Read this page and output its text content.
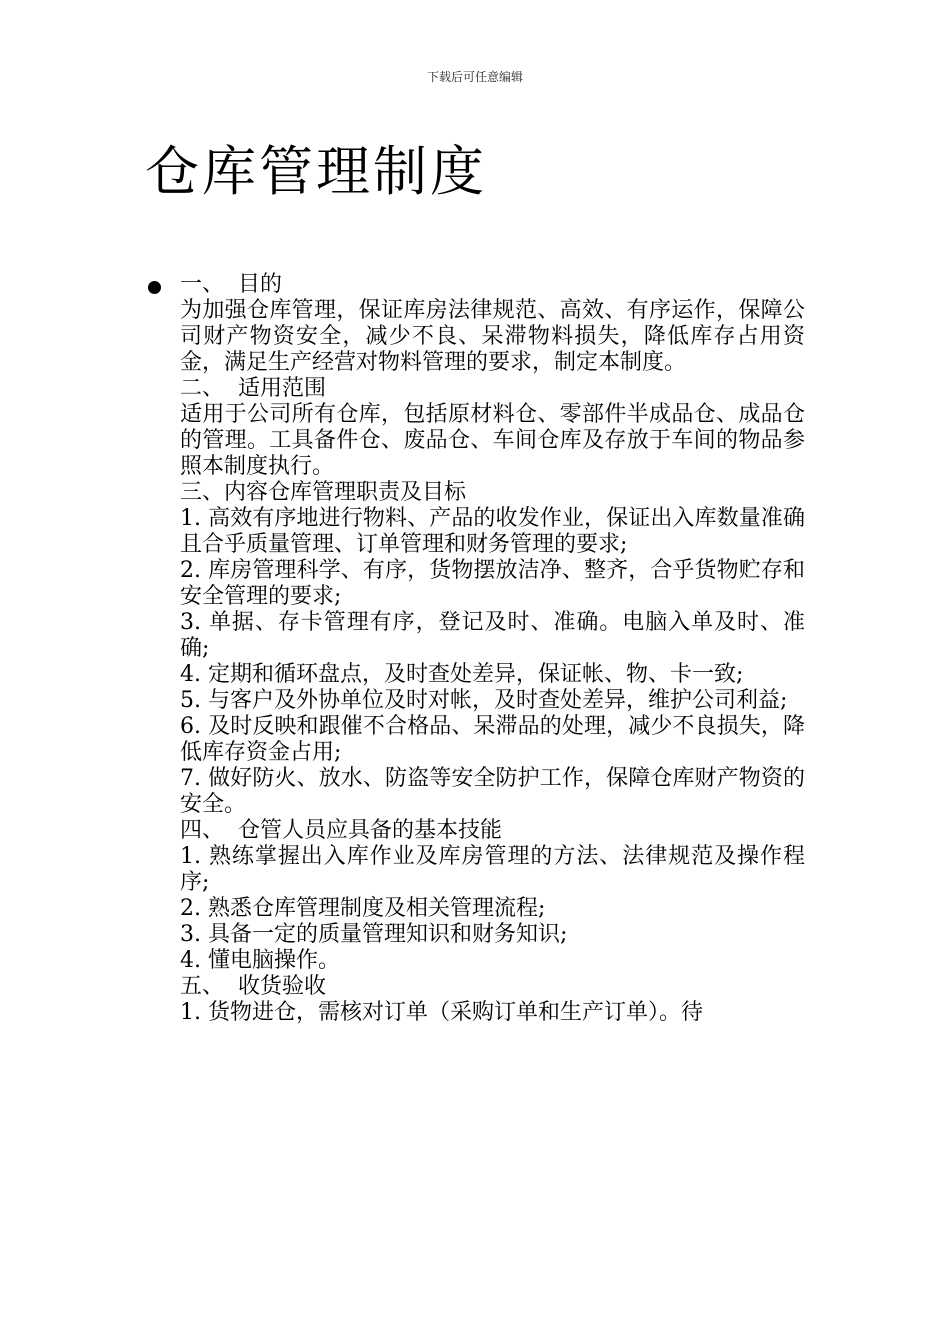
下载后可任意编辑
仓库管理制度
一、  目的

为加强仓库管理，保证库房法律规范、高效、有序运作，保障公司财产物资安全，减少不良、呆滞物料损失，降低库存占用资金，满足生产经营对物料管理的要求，制定本制度。

二、  适用范围

适用于公司所有仓库，包括原材料仓、零部件半成品仓、成品仓的管理。工具备件仓、废品仓、车间仓库及存放于车间的物品参照本制度执行。

三、内容仓库管理职责及目标
1. 高效有序地进行物料、产品的收发作业，保证出入库数量准确且合乎质量管理、订单管理和财务管理的要求;
2. 库房管理科学、有序，货物摆放洁净、整齐，合乎货物贮存和安全管理的要求;
3. 单据、存卡管理有序，登记及时、准确。电脑入单及时、准确;
4. 定期和循环盘点，及时查处差异，保证帐、物、卡一致;
5. 与客户及外协单位及时对帐，及时查处差异，维护公司利益;
6. 及时反映和跟催不合格品、呆滞品的处理，减少不良损失，降低库存资金占用;
7. 做好防火、放水、防盗等安全防护工作，保障仓库财产物资的安全。
四、  仓管人员应具备的基本技能
1. 熟练掌握出入库作业及库房管理的方法、法律规范及操作程序;
2. 熟悉仓库管理制度及相关管理流程;
3. 具备一定的质量管理知识和财务知识;
4. 懂电脑操作。
五、  收货验收
1. 货物进仓，需核对订单（采购订单和生产订单）。待
